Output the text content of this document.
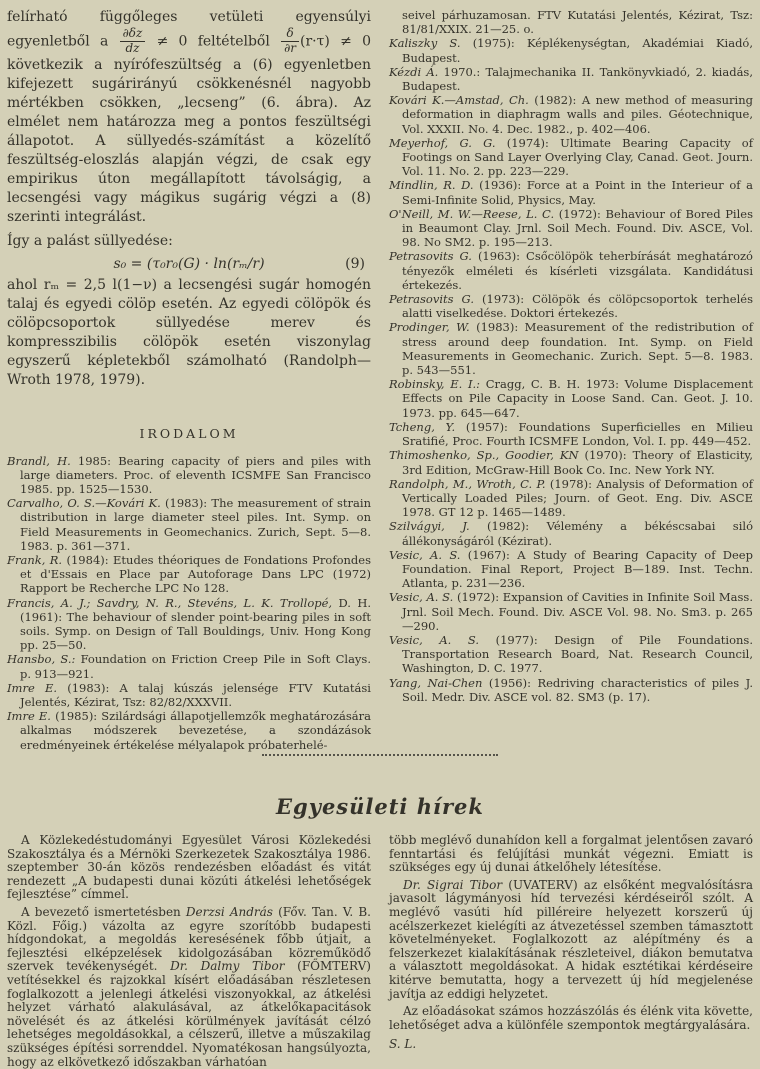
felírható függőleges vetületi egyensúlyi egyenletből a $\frac{\partial\delta z}{dz} \ne 0$ feltételből $\frac{\delta}{\partial r} (r\cdot\tau) \ne 0$ következik a nyírófeszültség a (6) egyenletben kifejezett sugárirányú csökkenésnél nagyobb mértékben csökken, „lecseng” (6. ábra). Az elmélet nem határozza meg a pontos feszültségi állapotot. A süllyedés-számítást a közelítő feszültség-eloszlás alapján végzi, de csak egy empirikus úton megállapított távolságig, a lecsengési vagy mágikus sugárig végzi a (8) szerinti integrálást.

Így a palást süllyedése:

s₀ = (τ₀r₀(G) · ln(rₘ/r)	(9)

ahol rₘ = 2,5 l(1−ν) a lecsengési sugár homogén talaj és egyedi cölöp esetén. Az egyedi cölöpök és cölöpcsoportok süllyedése merev és kompresszibilis cölöpök esetén viszonylag egyszerű képletekből számolható (Randolph—Wroth 1978, 1979).

IRODALOM

Brandl, H. 1985: Bearing capacity of piers and piles with large diameters. Proc. of eleventh ICSMFE San Francisco 1985. pp. 1525—1530.

Carvalho, O. S.—Kovári K. (1983): The measurement of strain distribution in large diameter steel piles. Int. Symp. on Field Measurements in Geomechanics. Zurich, Sept. 5—8. 1983. p. 361—371.

Frank, R. (1984): Etudes théoriques de Fondations Profondes et d'Essais en Place par Autoforage Dans LPC (1972) Rapport be Recherche LPC No 128.

Francis, A. J.; Savdry, N. R., Stevéns, L. K. Trollopé, D. H. (1961): The behaviour of slender point-bearing piles in soft soils. Symp. on Design of Tall Bouldings, Univ. Hong Kong pp. 25—50.

Hansbo, S.: Foundation on Friction Creep Pile in Soft Clays. p. 913—921.

Imre E. (1983): A talaj kúszás jelensége FTV Kutatási Jelentés, Kézirat, Tsz: 82/82/XXXVII.

Imre E. (1985): Szilárdsági állapotjellemzők meghatározására alkalmas módszerek bevezetése, a szondázások eredményeinek értékelése mélyalapok próbaterhelé-

seivel párhuzamosan. FTV Kutatási Jelentés, Kézirat, Tsz: 81/81/XXIX. 21—25. o.

Kaliszky S. (1975): Képlékenységtan, Akadémiai Kiadó, Budapest.

Kézdi Á. 1970.: Talajmechanika II. Tankönyvkiadó, 2. kiadás, Budapest.

Kovári K.—Amstad, Ch. (1982): A new method of measuring deformation in diaphragm walls and piles. Géotechnique, Vol. XXXII. No. 4. Dec. 1982., p. 402—406.

Meyerhof, G. G. (1974): Ultimate Bearing Capacity of Footings on Sand Layer Overlying Clay, Canad. Geot. Journ. Vol. 11. No. 2. pp. 223—229.

Mindlin, R. D. (1936): Force at a Point in the Interieur of a Semi-Infinite Solid, Physics, May.

O'Neill, M. W.—Reese, L. C. (1972): Behaviour of Bored Piles in Beaumont Clay. Jrnl. Soil Mech. Found. Div. ASCE, Vol. 98. No SM2. p. 195—213.

Petrasovits G. (1963): Csőcölöpök teherbírását meghatározó tényezők elméleti és kísérleti vizsgálata. Kandidátusi értekezés.

Petrasovits G. (1973): Cölöpök és cölöpcsoportok terhelés alatti viselkedése. Doktori értekezés.

Prodinger, W. (1983): Measurement of the redistribution of stress around deep foundation. Int. Symp. on Field Measurements in Geomechanic. Zurich. Sept. 5—8. 1983. p. 543—551.

Robinsky, E. I.: Cragg, C. B. H. 1973: Volume Displacement Effects on Pile Capacity in Loose Sand. Can. Geot. J. 10. 1973. pp. 645—647.

Tcheng, Y. (1957): Foundations Superficielles en Milieu Sratifié, Proc. Fourth ICSMFE London, Vol. I. pp. 449—452.

Thimoshenko, Sp., Goodier, KN (1970): Theory of Elasticity, 3rd Edition, McGraw-Hill Book Co. Inc. New York NY.

Randolph, M., Wroth, C. P. (1978): Analysis of Deformation of Vertically Loaded Piles; Journ. of Geot. Eng. Div. ASCE 1978. GT 12 p. 1465—1489.

Szilvágyi, J. (1982): Vélemény a békéscsabai siló állékonyságáról (Kézirat).

Vesic, A. S. (1967): A Study of Bearing Capacity of Deep Foundation. Final Report, Project B—189. Inst. Techn. Atlanta, p. 231—236.

Vesic, A. S. (1972): Expansion of Cavities in Infinite Soil Mass. Jrnl. Soil Mech. Found. Div. ASCE Vol. 98. No. Sm3. p. 265—290.

Vesic, A. S. (1977): Design of Pile Foundations. Transportation Research Board, Nat. Research Council, Washington, D. C. 1977.

Yang, Nai-Chen (1956): Redriving characteristics of piles J. Soil. Medr. Div. ASCE vol. 82. SM3 (p. 17).

Egyesületi hírek

A Közlekedéstudományi Egyesület Városi Közlekedési Szakosztálya és a Mérnöki Szerkezetek Szakosztálya 1986. szeptember 30-án közös rendezésben előadást és vitát rendezett „A budapesti dunai közúti átkelési lehetőségek fejlesztése” címmel.

A bevezető ismertetésben Derzsi András (Főv. Tan. V. B. Közl. Főig.) vázolta az egyre szorítóbb budapesti hídgondokat, a megoldás keresésének főbb útjait, a fejlesztési elképzelések kidolgozásában közreműködő szervek tevékenységét. Dr. Dalmy Tibor (FŐMTERV) vetítésekkel és rajzokkal kísért előadásában részletesen foglalkozott a jelenlegi átkelési viszonyokkal, az átkelési helyzet várható alakulásával, az átkelőkapacitások növelését és az átkelési körülmények javítását célzó lehetséges megoldásokkal, a célszerű, illetve a műszakilag szükséges építési sorrenddel. Nyomatékosan hangsúlyozta, hogy az elkövetkező időszakban várhatóan

több meglévő dunahídon kell a forgalmat jelentősen zavaró fenntartási és felújítási munkát végezni. Emiatt is szükséges egy új dunai átkelőhely létesítése.

Dr. Sigrai Tibor (UVATERV) az elsőként megvalósításra javasolt lágymányosi híd tervezési kérdéseiről szólt. A meglévő vasúti híd pilléreire helyezett korszerű új acélszerkezet kielégíti az átvezetéssel szemben támasztott követelményeket. Foglalkozott az alépítmény és a felszerkezet kialakításának részleteivel, diákon bemutatva a választott megoldásokat. A hidak esztétikai kérdéseire kitérve bemutatta, hogy a tervezett új híd megjelenése javítja az eddigi helyzetet.

Az előadásokat számos hozzászólás és élénk vita követte, lehetőséget adva a különféle szempontok megtárgyalására.

S. L.
